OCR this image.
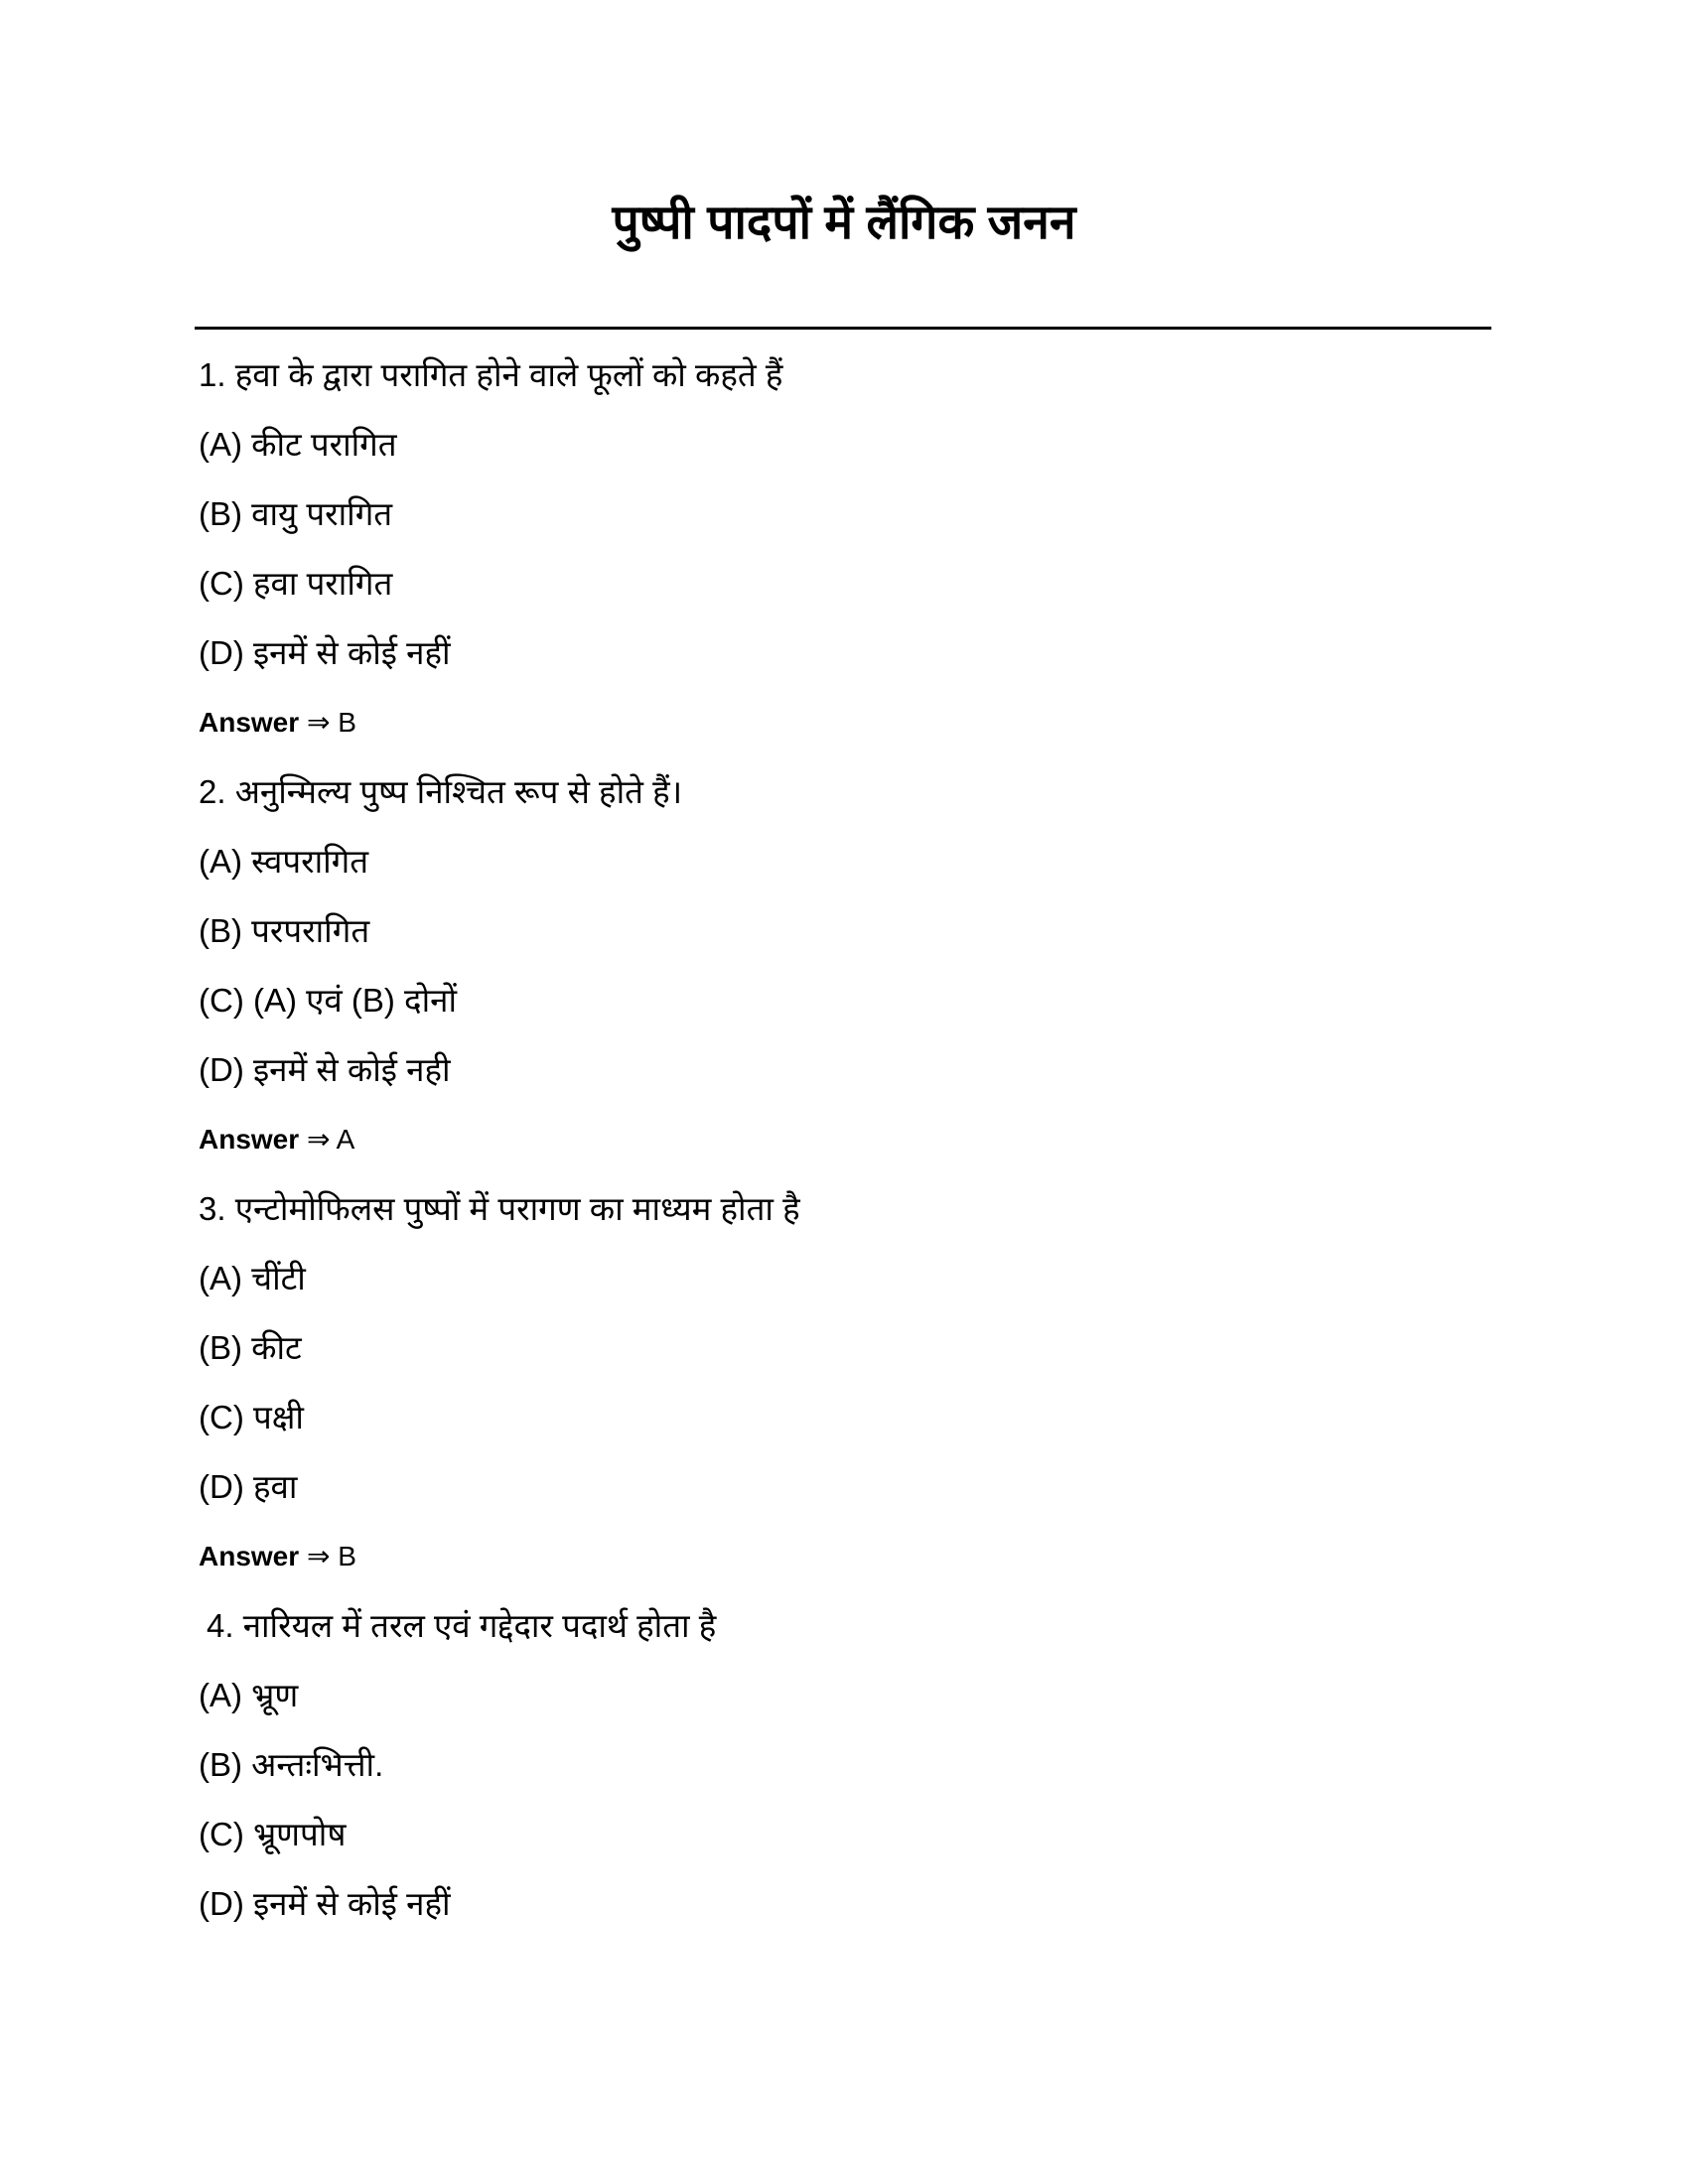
पुष्पी पादपों में लैंगिक जनन
1. हवा के द्वारा परागित होने वाले फूलों को कहते हैं
(A) कीट परागित
(B) वायु परागित
(C) हवा परागित
(D) इनमें से कोई नहीं
Answer ⇒ B
2. अनुन्मिल्य पुष्प निश्चित रूप से होते हैं।
(A) स्वपरागित
(B) परपरागित
(C) (A) एवं (B) दोनों
(D) इनमें से कोई नही
Answer ⇒ A
3. एन्टोमोफिलस पुष्पों में परागण का माध्यम होता है
(A) चींटी
(B) कीट
(C) पक्षी
(D) हवा
Answer ⇒ B
4. नारियल में तरल एवं गद्देदार पदार्थ होता है
(A) भ्रूण
(B) अन्तःभित्ती.
(C) भ्रूणपोष
(D) इनमें से कोई नहीं
